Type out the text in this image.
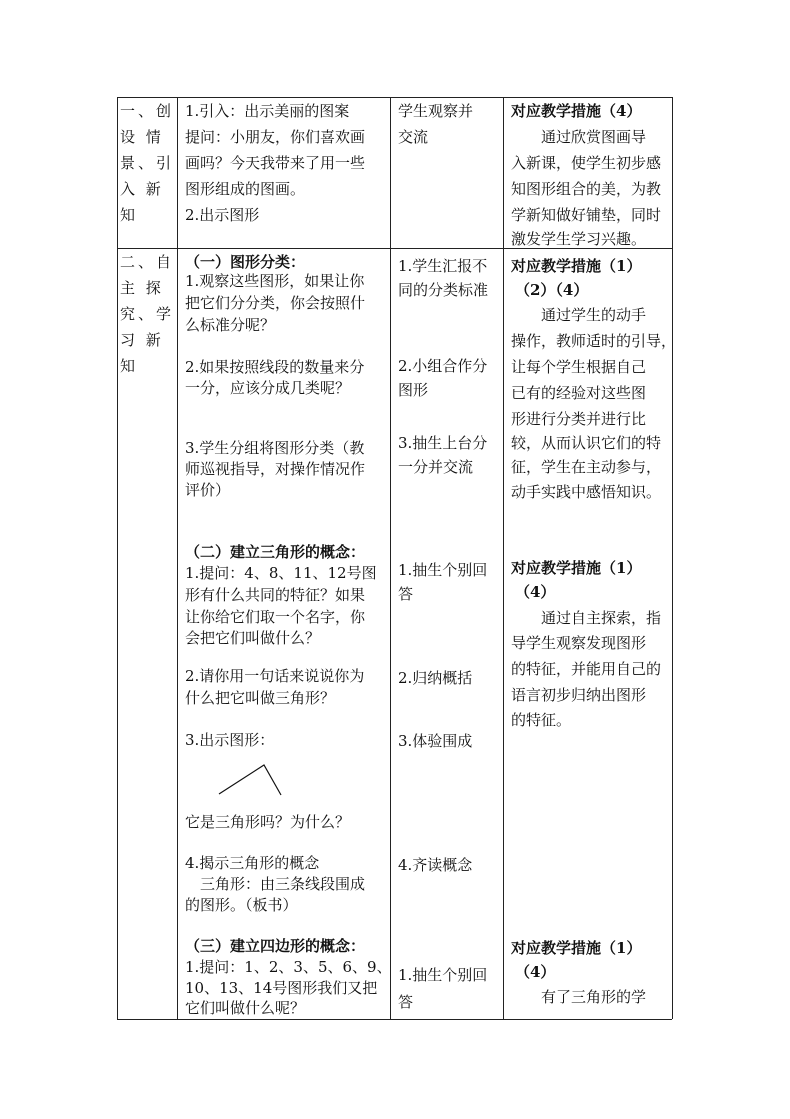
一、创
设 情
景、引
入 新
知
二、自
主 探
究、学
习 新
知
1.引入：出示美丽的图案
提问：小朋友，你们喜欢画
画吗？今天我带来了用一些
图形组成的图画。
2.出示图形
（一）图形分类：
1.观察这些图形，如果让你
把它们分分类，你会按照什
么标准分呢？
2.如果按照线段的数量来分
一分，应该分成几类呢？
3.学生分组将图形分类（教
师巡视指导，对操作情况作
评价）
（二）建立三角形的概念：
1.提问：4、8、11、12号图
形有什么共同的特征？如果
让你给它们取一个名字，你
会把它们叫做什么？
2.请你用一句话来说说你为
什么把它叫做三角形？
3.出示图形：
它是三角形吗？为什么？
4.揭示三角形的概念
三角形：由三条线段围成
的图形。（板书）
（三）建立四边形的概念：
1.提问：1、2、3、5、6、9、
10、13、14号图形我们又把
它们叫做什么呢？
学生观察并
交流
1.学生汇报不
同的分类标准
2.小组合作分
图形
3.抽生上台分
一分并交流
1.抽生个别回
答
2.归纳概括
3.体验围成
4.齐读概念
1.抽生个别回
答
对应教学措施（4）
通过欣赏图画导
入新课，使学生初步感
知图形组合的美，为教
学新知做好铺垫，同时
激发学生学习兴趣。
对应教学措施（1）
（2）（4）
通过学生的动手
操作，教师适时的引导，
让每个学生根据自己
已有的经验对这些图
形进行分类并进行比
较，从而认识它们的特
征，学生在主动参与，
动手实践中感悟知识。
对应教学措施（1）
（4）
通过自主探索，指
导学生观察发现图形
的特征，并能用自己的
语言初步归纳出图形
的特征。
对应教学措施（1）
（4）
有了三角形的学
